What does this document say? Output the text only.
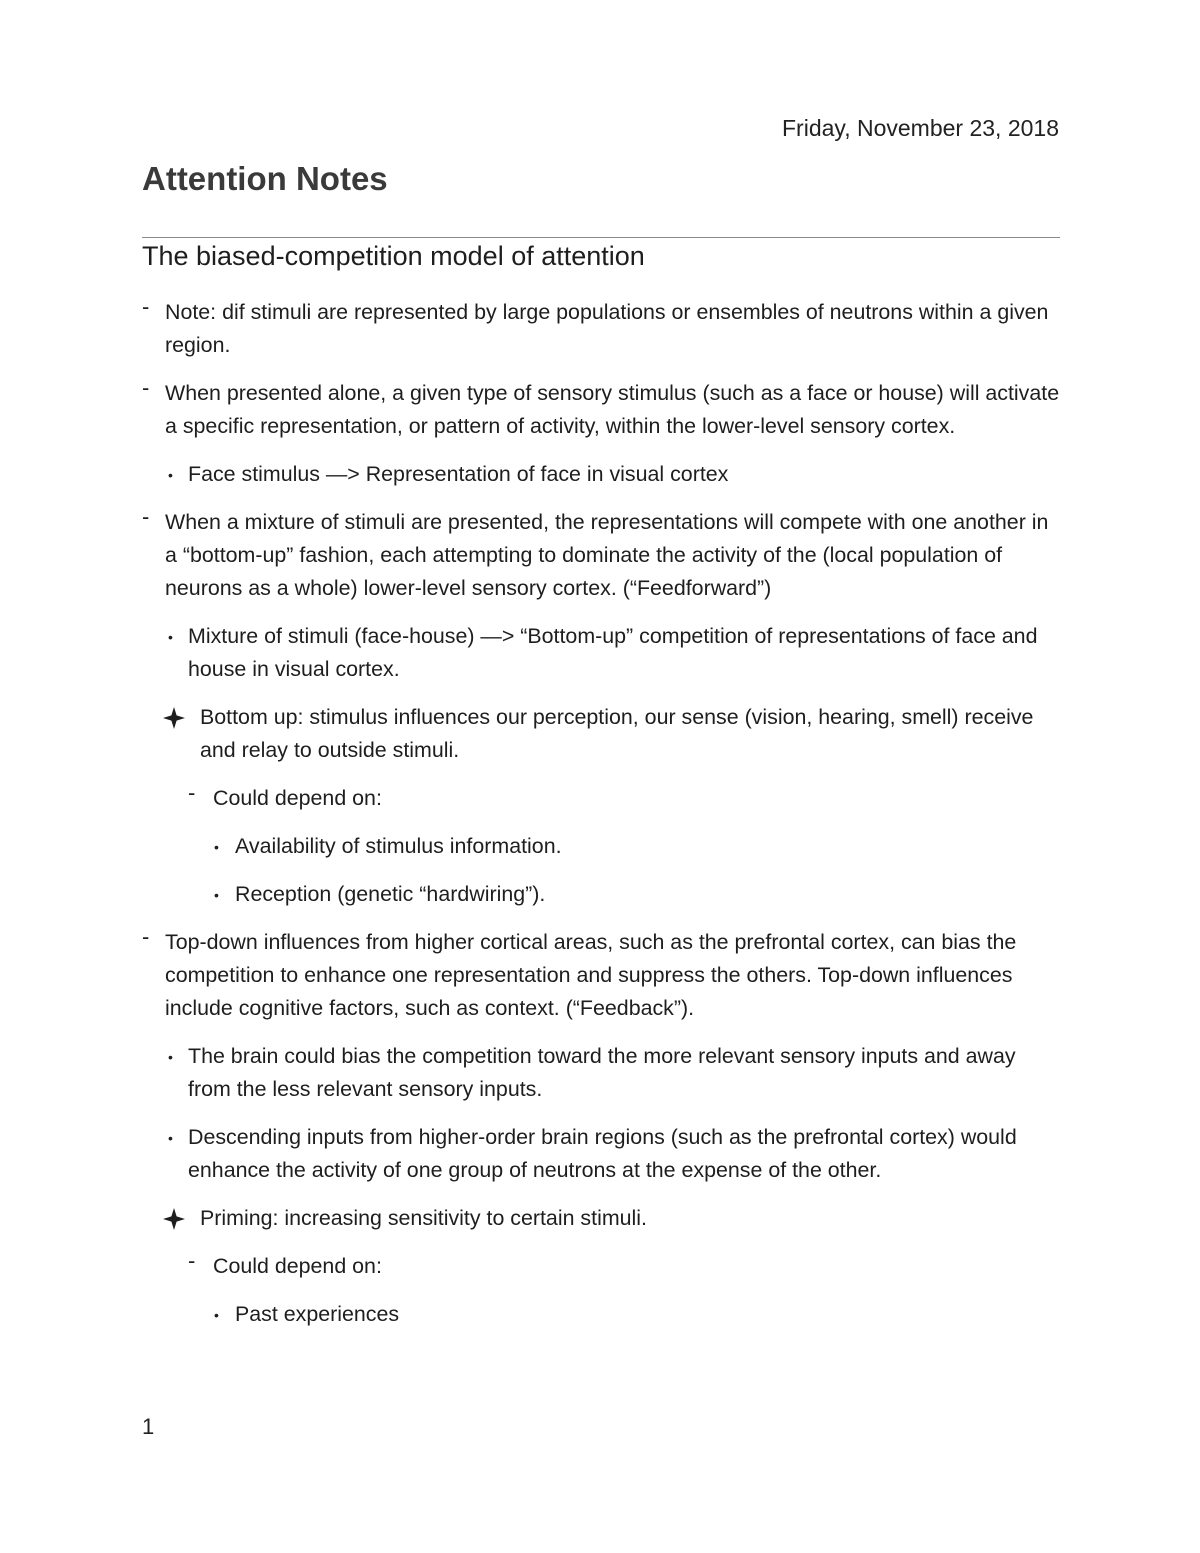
Friday, November 23, 2018
Attention Notes
The biased-competition model of attention
- Note: dif stimuli are represented by large populations or ensembles of neutrons within a given region.
- When presented alone, a given type of sensory stimulus (such as a face or house) will activate a specific representation, or pattern of activity, within the lower-level sensory cortex.
• Face stimulus —> Representation of face in visual cortex
- When a mixture of stimuli are presented, the representations will compete with one another in a “bottom-up” fashion, each attempting to dominate the activity of the (local population of neurons as a whole) lower-level sensory cortex. (“Feedforward”)
• Mixture of stimuli (face-house) —> “Bottom-up” competition of representations of face and house in visual cortex.
Bottom up: stimulus influences our perception, our sense (vision, hearing, smell) receive and relay to outside stimuli.
- Could depend on:
• Availability of stimulus information.
• Reception (genetic “hardwiring”).
- Top-down influences from higher cortical areas, such as the prefrontal cortex, can bias the competition to enhance one representation and suppress the others. Top-down influences include cognitive factors, such as context. (“Feedback”).
• The brain could bias the competition toward the more relevant sensory inputs and away from the less relevant sensory inputs.
• Descending inputs from higher-order brain regions (such as the prefrontal cortex) would enhance the activity of one group of neutrons at the expense of the other.
Priming: increasing sensitivity to certain stimuli.
- Could depend on:
• Past experiences
1
